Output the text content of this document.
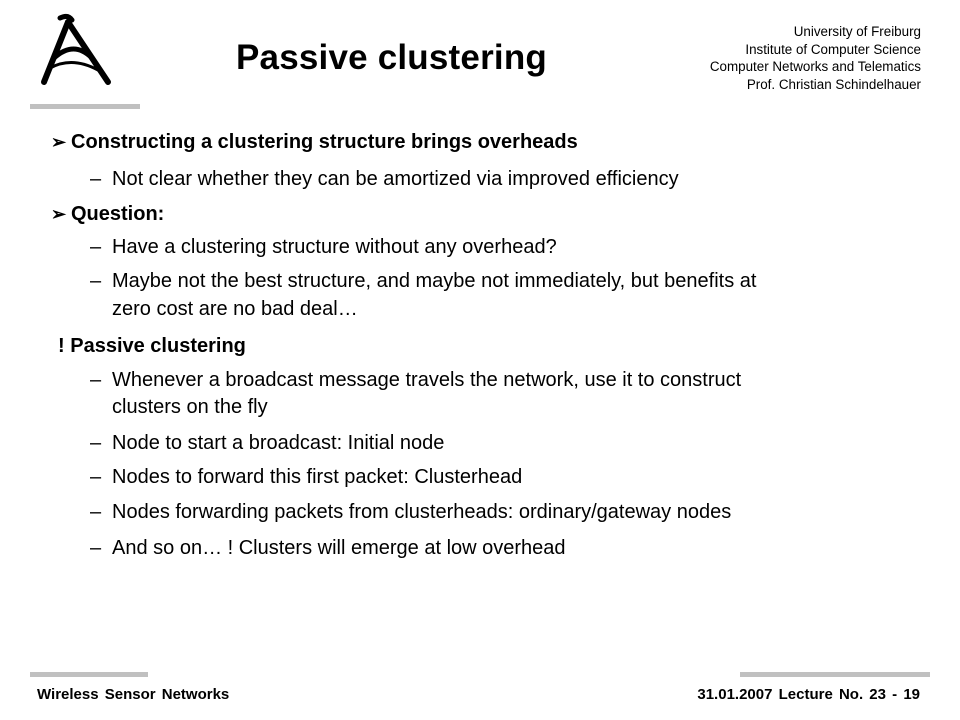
Passive clustering
University of Freiburg
Institute of Computer Science
Computer Networks and Telematics
Prof. Christian Schindelhauer
➢ Constructing a clustering structure brings overheads
– Not clear whether they can be amortized via improved efficiency
➢ Question:
– Have a clustering structure without any overhead?
– Maybe not the best structure, and maybe not immediately, but benefits at
zero cost are no bad deal…
! Passive clustering
– Whenever a broadcast message travels the network, use it to construct
clusters on the fly
– Node to start a broadcast: Initial node
– Nodes to forward this first packet: Clusterhead
– Nodes forwarding packets from clusterheads: ordinary/gateway nodes
– And so on… ! Clusters will emerge at low overhead
Wireless Sensor Networks	31.01.2007 Lecture No. 23 - 19
